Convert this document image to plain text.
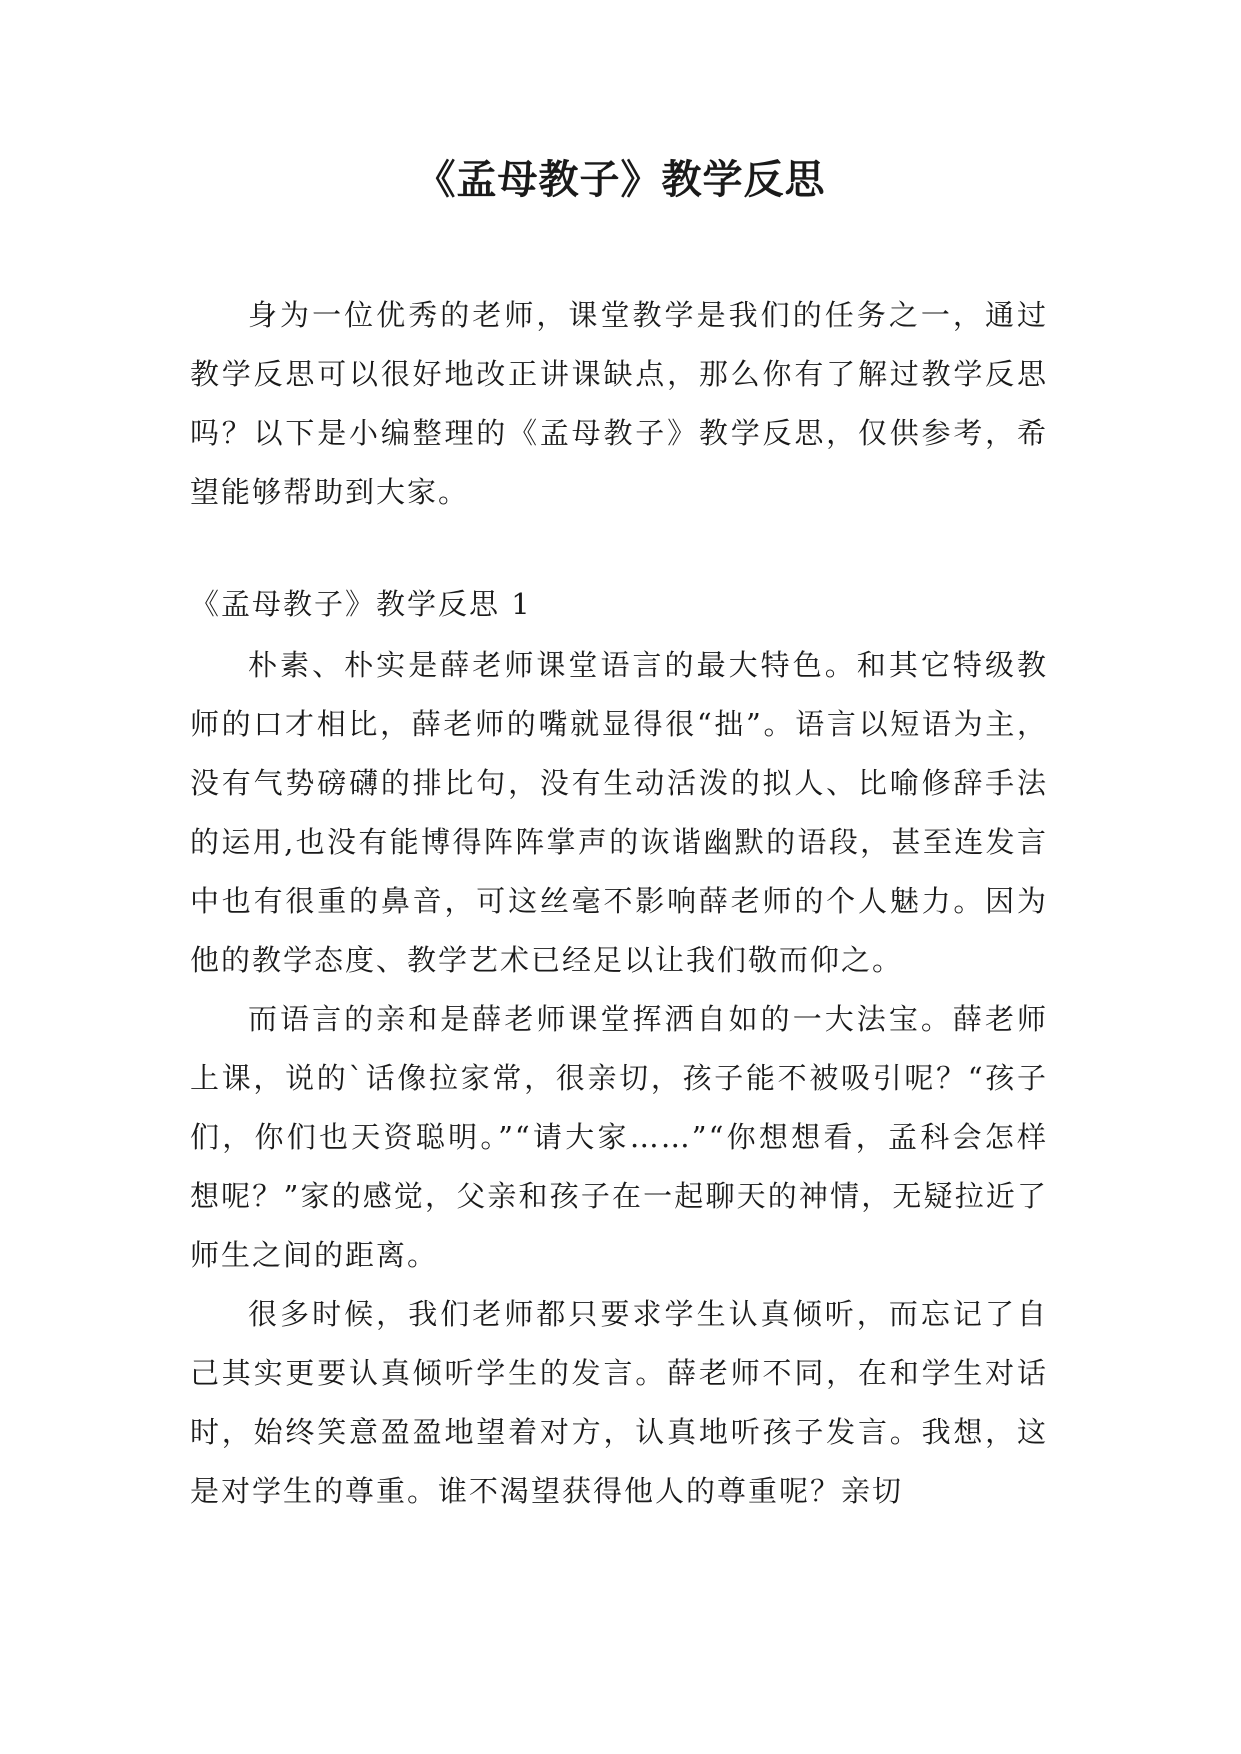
《孟母教子》教学反思

身为一位优秀的老师，课堂教学是我们的任务之一，通过教学反思可以很好地改正讲课缺点，那么你有了解过教学反思吗？以下是小编整理的《孟母教子》教学反思，仅供参考，希望能够帮助到大家。

《孟母教子》教学反思 1

朴素、朴实是薛老师课堂语言的最大特色。和其它特级教师的口才相比，薛老师的嘴就显得很“拙”。语言以短语为主，没有气势磅礴的排比句，没有生动活泼的拟人、比喻修辞手法的运用,也没有能博得阵阵掌声的诙谐幽默的语段，甚至连发言中也有很重的鼻音，可这丝毫不影响薛老师的个人魅力。因为他的教学态度、教学艺术已经足以让我们敬而仰之。

而语言的亲和是薛老师课堂挥洒自如的一大法宝。薛老师上课，说的`话像拉家常，很亲切，孩子能不被吸引呢？“孩子们，你们也天资聪明。”“请大家……”“你想想看，孟科会怎样想呢？”家的感觉，父亲和孩子在一起聊天的神情，无疑拉近了师生之间的距离。

很多时候，我们老师都只要求学生认真倾听，而忘记了自己其实更要认真倾听学生的发言。薛老师不同，在和学生对话时，始终笑意盈盈地望着对方，认真地听孩子发言。我想，这是对学生的尊重。谁不渴望获得他人的尊重呢？亲切
